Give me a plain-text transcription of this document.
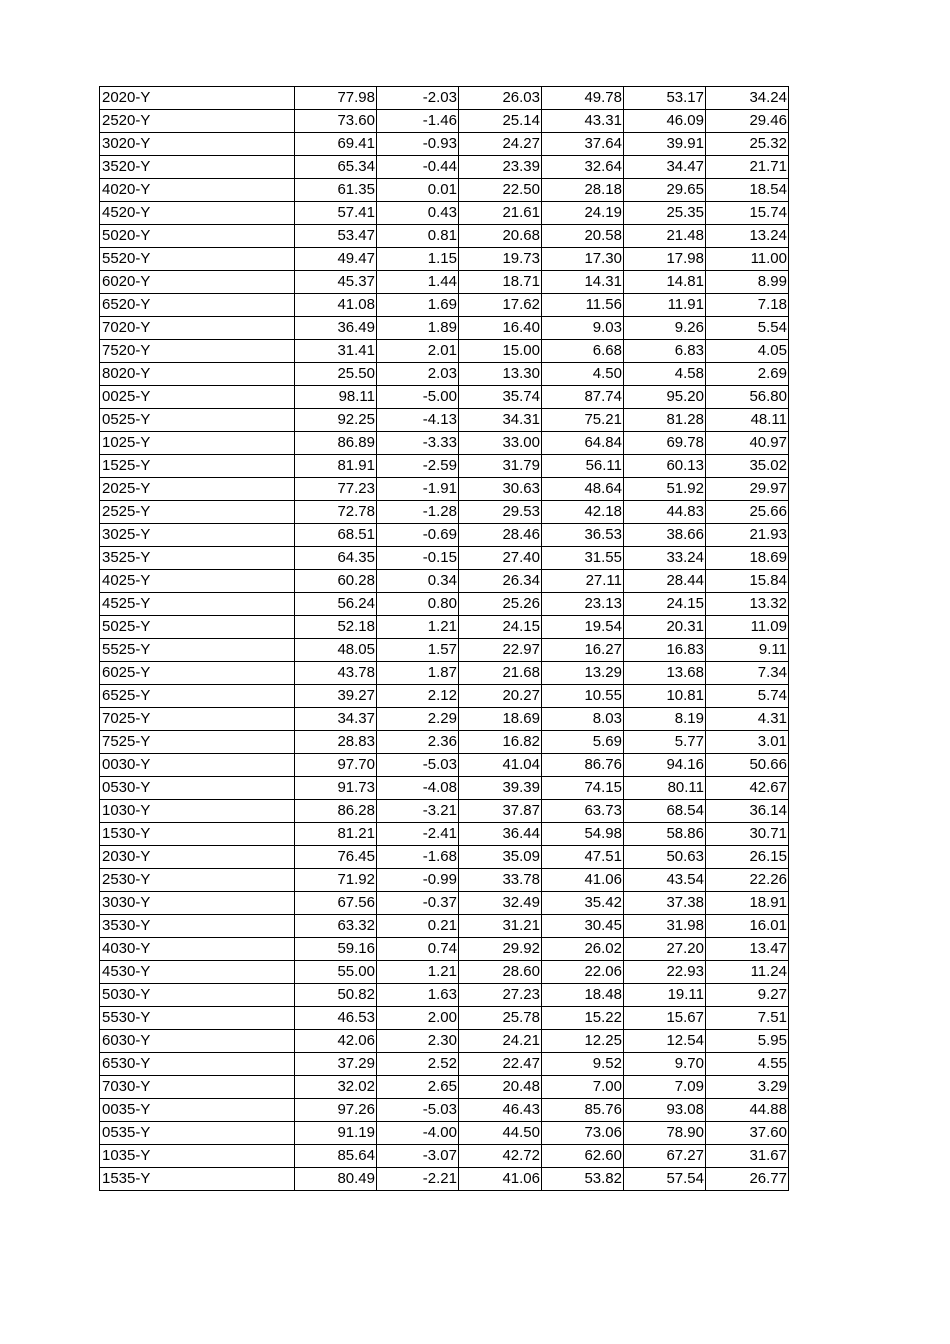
2020-Y	77.98	-2.03	26.03	49.78	53.17	34.24
2520-Y	73.60	-1.46	25.14	43.31	46.09	29.46
3020-Y	69.41	-0.93	24.27	37.64	39.91	25.32
3520-Y	65.34	-0.44	23.39	32.64	34.47	21.71
4020-Y	61.35	0.01	22.50	28.18	29.65	18.54
4520-Y	57.41	0.43	21.61	24.19	25.35	15.74
5020-Y	53.47	0.81	20.68	20.58	21.48	13.24
5520-Y	49.47	1.15	19.73	17.30	17.98	11.00
6020-Y	45.37	1.44	18.71	14.31	14.81	8.99
6520-Y	41.08	1.69	17.62	11.56	11.91	7.18
7020-Y	36.49	1.89	16.40	9.03	9.26	5.54
7520-Y	31.41	2.01	15.00	6.68	6.83	4.05
8020-Y	25.50	2.03	13.30	4.50	4.58	2.69
0025-Y	98.11	-5.00	35.74	87.74	95.20	56.80
0525-Y	92.25	-4.13	34.31	75.21	81.28	48.11
1025-Y	86.89	-3.33	33.00	64.84	69.78	40.97
1525-Y	81.91	-2.59	31.79	56.11	60.13	35.02
2025-Y	77.23	-1.91	30.63	48.64	51.92	29.97
2525-Y	72.78	-1.28	29.53	42.18	44.83	25.66
3025-Y	68.51	-0.69	28.46	36.53	38.66	21.93
3525-Y	64.35	-0.15	27.40	31.55	33.24	18.69
4025-Y	60.28	0.34	26.34	27.11	28.44	15.84
4525-Y	56.24	0.80	25.26	23.13	24.15	13.32
5025-Y	52.18	1.21	24.15	19.54	20.31	11.09
5525-Y	48.05	1.57	22.97	16.27	16.83	9.11
6025-Y	43.78	1.87	21.68	13.29	13.68	7.34
6525-Y	39.27	2.12	20.27	10.55	10.81	5.74
7025-Y	34.37	2.29	18.69	8.03	8.19	4.31
7525-Y	28.83	2.36	16.82	5.69	5.77	3.01
0030-Y	97.70	-5.03	41.04	86.76	94.16	50.66
0530-Y	91.73	-4.08	39.39	74.15	80.11	42.67
1030-Y	86.28	-3.21	37.87	63.73	68.54	36.14
1530-Y	81.21	-2.41	36.44	54.98	58.86	30.71
2030-Y	76.45	-1.68	35.09	47.51	50.63	26.15
2530-Y	71.92	-0.99	33.78	41.06	43.54	22.26
3030-Y	67.56	-0.37	32.49	35.42	37.38	18.91
3530-Y	63.32	0.21	31.21	30.45	31.98	16.01
4030-Y	59.16	0.74	29.92	26.02	27.20	13.47
4530-Y	55.00	1.21	28.60	22.06	22.93	11.24
5030-Y	50.82	1.63	27.23	18.48	19.11	9.27
5530-Y	46.53	2.00	25.78	15.22	15.67	7.51
6030-Y	42.06	2.30	24.21	12.25	12.54	5.95
6530-Y	37.29	2.52	22.47	9.52	9.70	4.55
7030-Y	32.02	2.65	20.48	7.00	7.09	3.29
0035-Y	97.26	-5.03	46.43	85.76	93.08	44.88
0535-Y	91.19	-4.00	44.50	73.06	78.90	37.60
1035-Y	85.64	-3.07	42.72	62.60	67.27	31.67
1535-Y	80.49	-2.21	41.06	53.82	57.54	26.77
